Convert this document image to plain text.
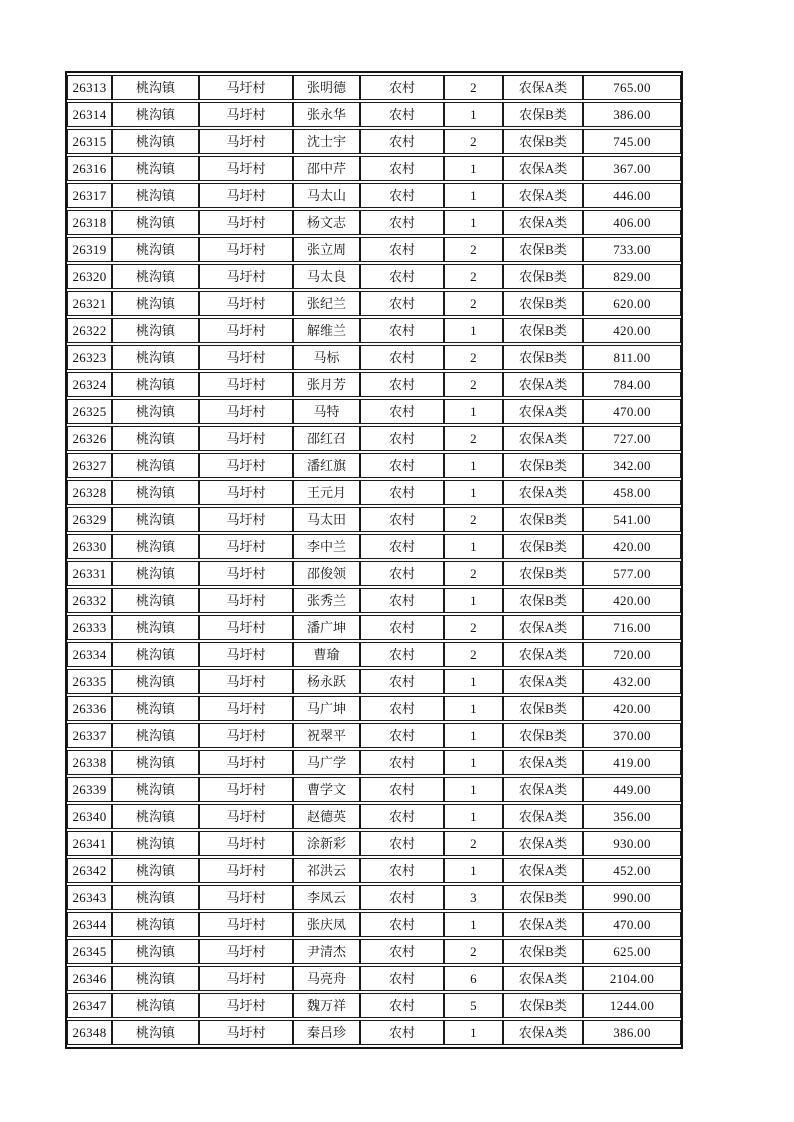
26313	桃沟镇	马圩村	张明德	农村	2	农保A类	765.00
26314	桃沟镇	马圩村	张永华	农村	1	农保B类	386.00
26315	桃沟镇	马圩村	沈士宇	农村	2	农保B类	745.00
26316	桃沟镇	马圩村	邵中芹	农村	1	农保A类	367.00
26317	桃沟镇	马圩村	马太山	农村	1	农保A类	446.00
26318	桃沟镇	马圩村	杨文志	农村	1	农保A类	406.00
26319	桃沟镇	马圩村	张立周	农村	2	农保B类	733.00
26320	桃沟镇	马圩村	马太良	农村	2	农保B类	829.00
26321	桃沟镇	马圩村	张纪兰	农村	2	农保B类	620.00
26322	桃沟镇	马圩村	解维兰	农村	1	农保B类	420.00
26323	桃沟镇	马圩村	马标	农村	2	农保B类	811.00
26324	桃沟镇	马圩村	张月芳	农村	2	农保A类	784.00
26325	桃沟镇	马圩村	马特	农村	1	农保A类	470.00
26326	桃沟镇	马圩村	邵红召	农村	2	农保A类	727.00
26327	桃沟镇	马圩村	潘红旗	农村	1	农保B类	342.00
26328	桃沟镇	马圩村	王元月	农村	1	农保A类	458.00
26329	桃沟镇	马圩村	马太田	农村	2	农保B类	541.00
26330	桃沟镇	马圩村	李中兰	农村	1	农保B类	420.00
26331	桃沟镇	马圩村	邵俊领	农村	2	农保B类	577.00
26332	桃沟镇	马圩村	张秀兰	农村	1	农保B类	420.00
26333	桃沟镇	马圩村	潘广坤	农村	2	农保A类	716.00
26334	桃沟镇	马圩村	曹瑜	农村	2	农保A类	720.00
26335	桃沟镇	马圩村	杨永跃	农村	1	农保A类	432.00
26336	桃沟镇	马圩村	马广坤	农村	1	农保B类	420.00
26337	桃沟镇	马圩村	祝翠平	农村	1	农保B类	370.00
26338	桃沟镇	马圩村	马广学	农村	1	农保A类	419.00
26339	桃沟镇	马圩村	曹学文	农村	1	农保A类	449.00
26340	桃沟镇	马圩村	赵德英	农村	1	农保A类	356.00
26341	桃沟镇	马圩村	涂新彩	农村	2	农保A类	930.00
26342	桃沟镇	马圩村	祁洪云	农村	1	农保A类	452.00
26343	桃沟镇	马圩村	李凤云	农村	3	农保B类	990.00
26344	桃沟镇	马圩村	张庆凤	农村	1	农保A类	470.00
26345	桃沟镇	马圩村	尹清杰	农村	2	农保B类	625.00
26346	桃沟镇	马圩村	马亮舟	农村	6	农保A类	2104.00
26347	桃沟镇	马圩村	魏万祥	农村	5	农保B类	1244.00
26348	桃沟镇	马圩村	秦吕珍	农村	1	农保A类	386.00
